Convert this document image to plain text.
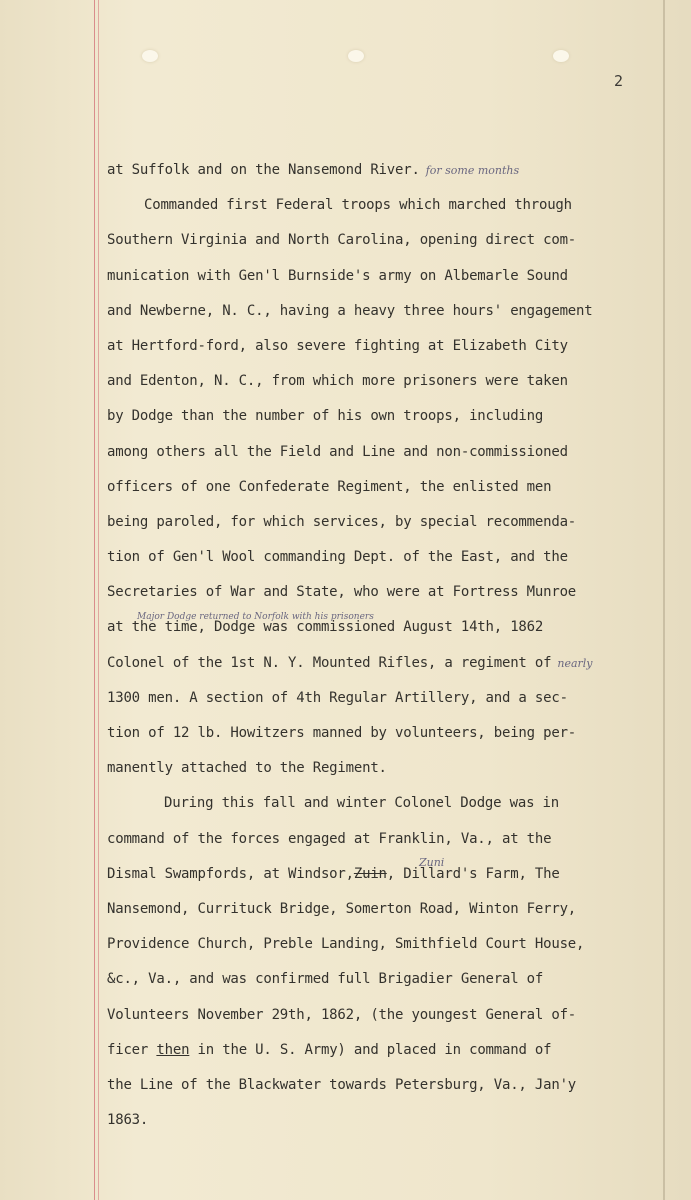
2
at Suffolk and on the Nansemond River. for some months
Commanded first Federal troops which marched through
Southern Virginia and North Carolina, opening direct com-
munication with Gen'l Burnside's army on Albemarle Sound
and Newberne, N. C., having a heavy three hours' engagement
at Hertford-ford, also severe fighting at Elizabeth City
and Edenton, N. C., from which more prisoners were taken
by Dodge than the number of his own troops, including
among others all the Field and Line and non-commissioned
officers of one Confederate Regiment, the enlisted men
being paroled, for which services, by special recommenda-
tion of Gen'l Wool commanding Dept. of the East, and the
Secretaries of War and State, who were at Fortress Munroe
Major Dodge returned to Norfolk with his prisoners
at the time, Dodge was commissioned August 14th, 1862
Colonel of the 1st N. Y. Mounted Rifles, a regiment of nearly
1300 men. A section of 4th Regular Artillery, and a sec-
tion of 12 lb. Howitzers manned by volunteers, being per-
manently attached to the Regiment.
During this fall and winter Colonel Dodge was in
command of the forces engaged at Franklin, Va., at the
Dismal Swampfords, at Windsor,Zuin, Dillard's Farm, The
Zuni
Nansemond, Currituck Bridge, Somerton Road, Winton Ferry,
Providence Church, Preble Landing, Smithfield Court House,
&c., Va., and was confirmed full Brigadier General of
Volunteers November 29th, 1862, (the youngest General of-
ficer then in the U. S. Army) and placed in command of
the Line of the Blackwater towards Petersburg, Va., Jan'y
1863.
